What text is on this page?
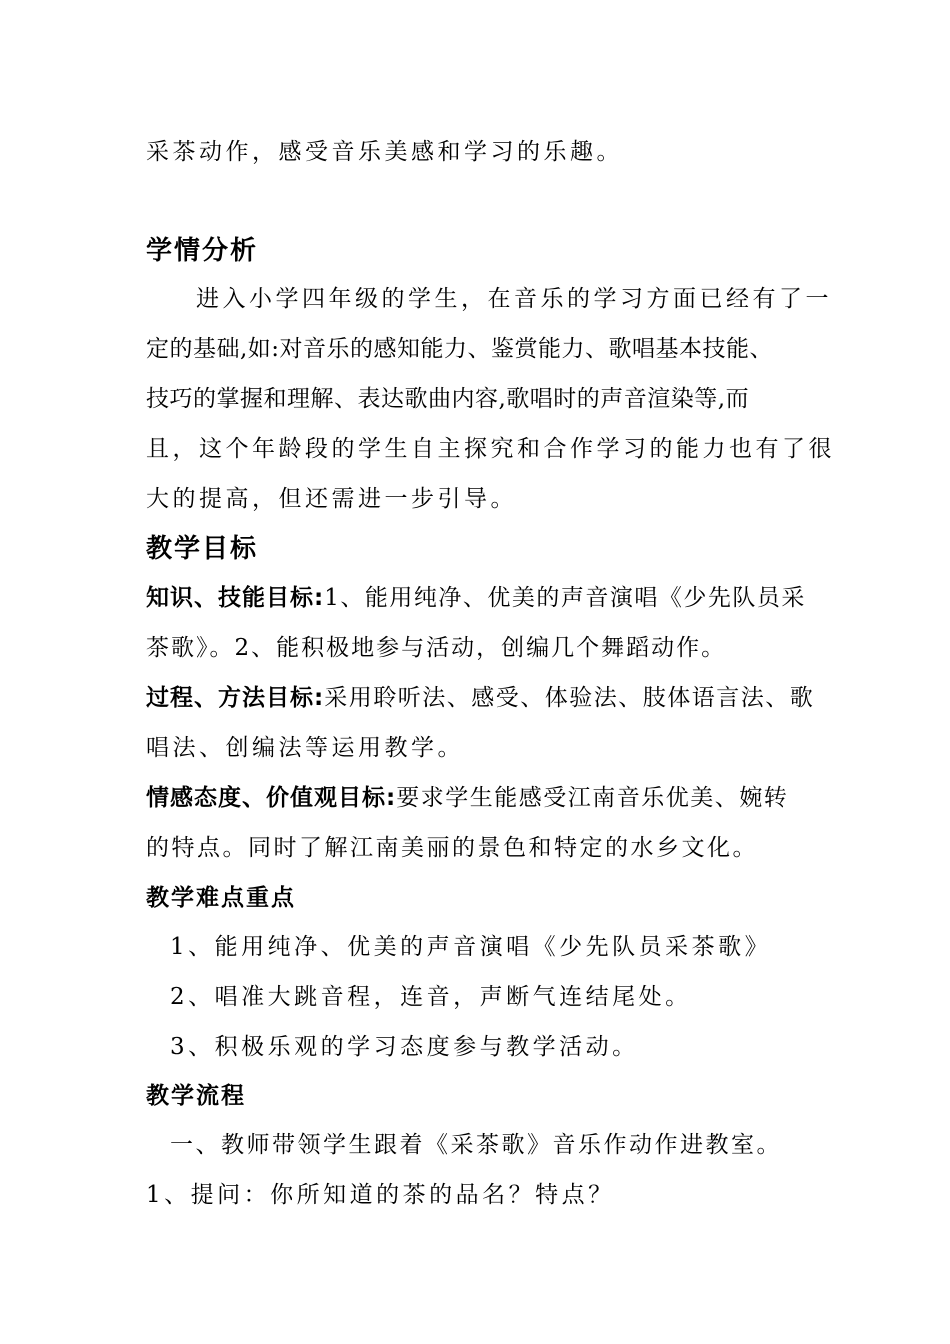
采茶动作，感受音乐美感和学习的乐趣。
学情分析
进入小学四年级的学生，在音乐的学习方面已经有了一
定的基础,如:对音乐的感知能力、鉴赏能力、歌唱基本技能、
技巧的掌握和理解、表达歌曲内容,歌唱时的声音渲染等,而
且，这个年龄段的学生自主探究和合作学习的能力也有了很
大的提高，但还需进一步引导。
教学目标
知识、技能目标:1、能用纯净、优美的声音演唱《少先队员采
茶歌》。2、能积极地参与活动，创编几个舞蹈动作。
过程、方法目标:采用聆听法、感受、体验法、肢体语言法、歌
唱法、创编法等运用教学。
情感态度、价值观目标:要求学生能感受江南音乐优美、婉转
的特点。同时了解江南美丽的景色和特定的水乡文化。
教学难点重点
1、能用纯净、优美的声音演唱《少先队员采茶歌》
2、唱准大跳音程，连音，声断气连结尾处。
3、积极乐观的学习态度参与教学活动。
教学流程
一、教师带领学生跟着《采茶歌》音乐作动作进教室。
1、提问：你所知道的茶的品名？特点？
